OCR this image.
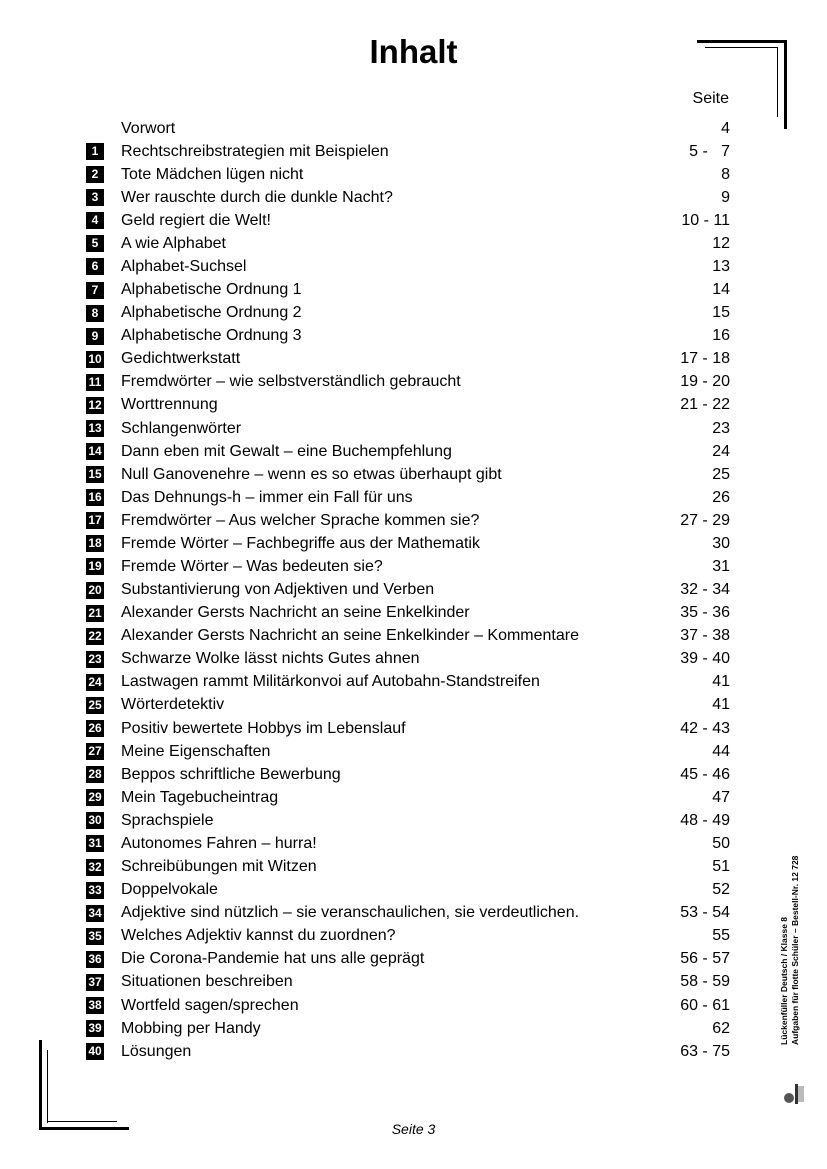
Inhalt
Seite
Vorwort	4
1	Rechtschreibstrategien mit Beispielen	5 -   7
2	Tote Mädchen lügen nicht	8
3	Wer rauschte durch die dunkle Nacht?	9
4	Geld regiert die Welt!	10 - 11
5	A wie Alphabet	12
6	Alphabet-Suchsel	13
7	Alphabetische Ordnung 1	14
8	Alphabetische Ordnung 2	15
9	Alphabetische Ordnung 3	16
10 Gedichtwerkstatt	17 - 18
11 Fremdwörter – wie selbstverständlich gebraucht	19 - 20
12 Worttrennung	21 - 22
13 Schlangenwörter	23
14 Dann eben mit Gewalt – eine Buchempfehlung	24
15 Null Ganovenehre – wenn es so etwas überhaupt gibt	25
16 Das Dehnungs-h – immer ein Fall für uns	26
17 Fremdwörter – Aus welcher Sprache kommen sie?	27 - 29
18 Fremde Wörter – Fachbegriffe aus der Mathematik	30
19 Fremde Wörter – Was bedeuten sie?	31
20 Substantivierung von Adjektiven und Verben	32 - 34
21 Alexander Gersts Nachricht an seine Enkelkinder	35 - 36
22 Alexander Gersts Nachricht an seine Enkelkinder – Kommentare	37 - 38
23 Schwarze Wolke lässt nichts Gutes ahnen	39 - 40
24 Lastwagen rammt Militärkonvoi auf Autobahn-Standstreifen	41
25 Wörterdetektiv	41
26 Positiv bewertete Hobbys im Lebenslauf	42 - 43
27 Meine Eigenschaften	44
28 Beppos schriftliche Bewerbung	45 - 46
29 Mein Tagebucheintrag	47
30 Sprachspiele	48 - 49
31 Autonomes Fahren – hurra!	50
32 Schreibübungen mit Witzen	51
33 Doppelvokale	52
34 Adjektive sind nützlich – sie veranschaulichen, sie verdeutlichen.	53 - 54
35 Welches Adjektiv kannst du zuordnen?	55
36 Die Corona-Pandemie hat uns alle geprägt	56 - 57
37 Situationen beschreiben	58 - 59
38 Wortfeld sagen/sprechen	60 - 61
39 Mobbing per Handy	62
40 Lösungen	63 - 75
Lückenfüller Deutsch / Klasse 8 Aufgaben für flotte Schüler – Bestell-Nr. 12 728
Seite 3
